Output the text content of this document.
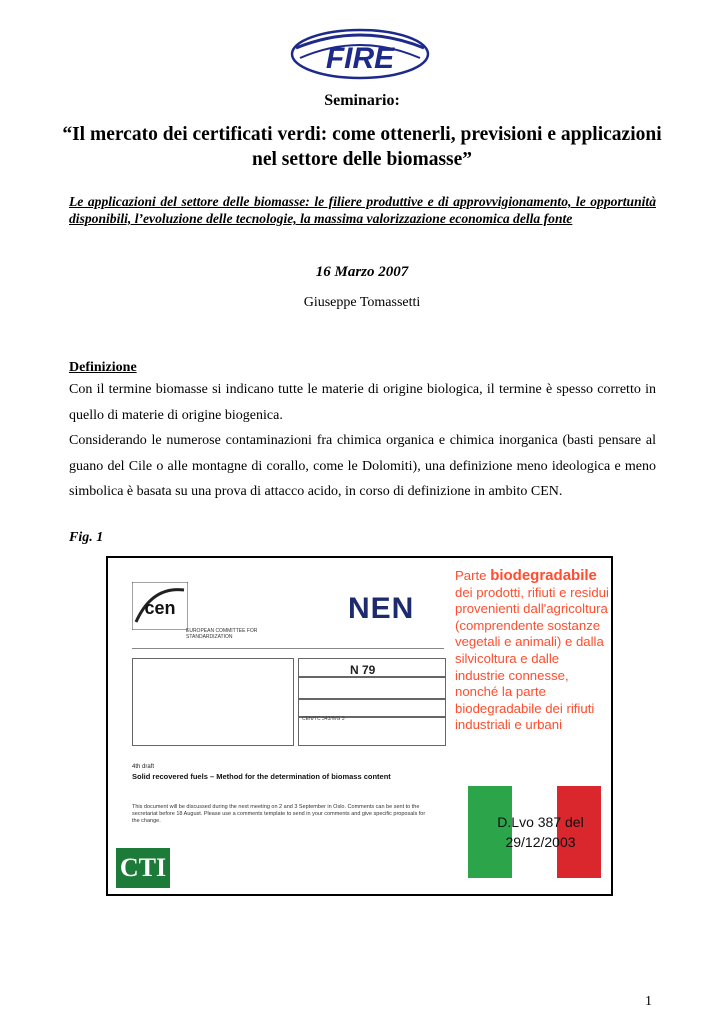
FIRE
Seminario:
“Il mercato dei certificati verdi: come ottenerli, previsioni e applicazioni nel settore delle biomasse”
Le applicazioni del settore delle biomasse: le filiere produttive e di approvvigionamento, le opportunità disponibili, l’evoluzione delle tecnologie, la massima valorizzazione economica della fonte
16 Marzo 2007
Giuseppe Tomassetti
Definizione

Con il termine biomasse si indicano tutte le materie di origine biologica, il termine è spesso corretto in quello di materie di origine biogenica.

Considerando le numerose contaminazioni fra chimica organica e chimica inorganica (basti pensare al guano del Cile o alle montagne di corallo, come le Dolomiti), una definizione meno ideologica e meno simbolica è basata su una prova di attacco acido, in corso di definizione in ambito CEN.

Fig. 1
cen
EUROPEAN COMMITTEE FOR STANDARDIZATION
NEN
CEN/TC 343/WG 3
N 79
4th draft
Solid recovered fuels – Method for the determination of biomass content
This document will be discussed during the next meeting on 2 and 3 September in Oslo. Comments can be sent to the secretariat before 18 August. Please use a comments template to send in your comments and give specific proposals for the change.
CTI
Parte biodegradabile dei prodotti, rifiuti e residui provenienti dall'agricoltura (comprendente sostanze vegetali e animali) e dalla silvicoltura e dalle industrie connesse, nonché la parte biodegradabile dei rifiuti industriali e urbani
D.Lvo 387 del
29/12/2003
1
